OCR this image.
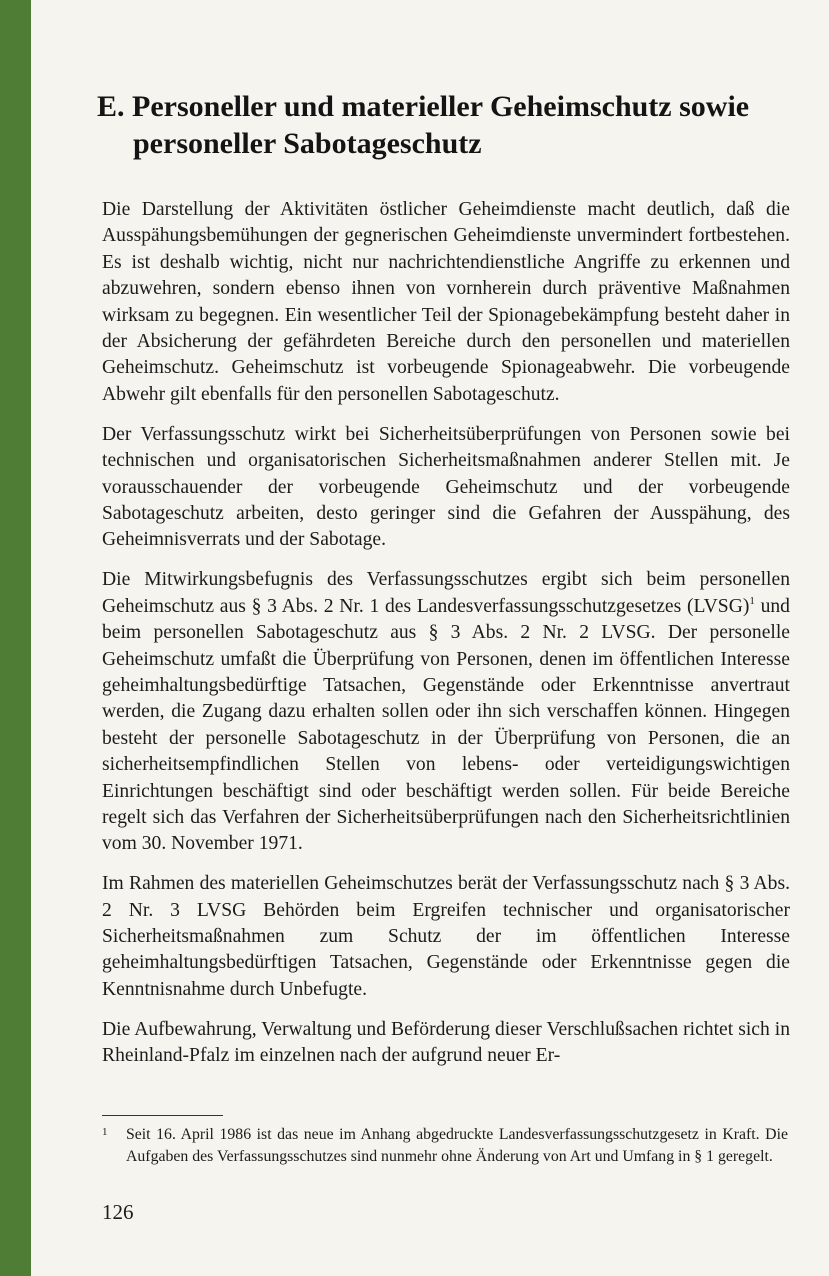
E. Personeller und materieller Geheimschutz sowie
personeller Sabotageschutz

Die Darstellung der Aktivitäten östlicher Geheimdienste macht deutlich, daß die Ausspähungsbemühungen der gegnerischen Geheimdienste unvermindert fortbestehen. Es ist deshalb wichtig, nicht nur nachrichtendienstliche Angriffe zu erkennen und abzuwehren, sondern ebenso ihnen von vornherein durch präventive Maßnahmen wirksam zu begegnen. Ein wesentlicher Teil der Spionagebekämpfung besteht daher in der Absicherung der gefährdeten Bereiche durch den personellen und materiellen Geheimschutz. Geheimschutz ist vorbeugende Spionageabwehr. Die vorbeugende Abwehr gilt ebenfalls für den personellen Sabotageschutz.

Der Verfassungsschutz wirkt bei Sicherheitsüberprüfungen von Personen sowie bei technischen und organisatorischen Sicherheitsmaßnahmen anderer Stellen mit. Je vorausschauender der vorbeugende Geheimschutz und der vorbeugende Sabotageschutz arbeiten, desto geringer sind die Gefahren der Ausspähung, des Geheimnisverrats und der Sabotage.

Die Mitwirkungsbefugnis des Verfassungsschutzes ergibt sich beim personellen Geheimschutz aus § 3 Abs. 2 Nr. 1 des Landesverfassungsschutzgesetzes (LVSG)$^1$ und beim personellen Sabotageschutz aus § 3 Abs. 2 Nr. 2 LVSG. Der personelle Geheimschutz umfaßt die Überprüfung von Personen, denen im öffentlichen Interesse geheimhaltungsbedürftige Tatsachen, Gegenstände oder Erkenntnisse anvertraut werden, die Zugang dazu erhalten sollen oder ihn sich verschaffen können. Hingegen besteht der personelle Sabotageschutz in der Überprüfung von Personen, die an sicherheitsempfindlichen Stellen von lebens- oder verteidigungswichtigen Einrichtungen beschäftigt sind oder beschäftigt werden sollen. Für beide Bereiche regelt sich das Verfahren der Sicherheitsüberprüfungen nach den Sicherheitsrichtlinien vom 30. November 1971.

Im Rahmen des materiellen Geheimschutzes berät der Verfassungsschutz nach § 3 Abs. 2 Nr. 3 LVSG Behörden beim Ergreifen technischer und organisatorischer Sicherheitsmaßnahmen zum Schutz der im öffentlichen Interesse geheimhaltungsbedürftigen Tatsachen, Gegenstände oder Erkenntnisse gegen die Kenntnisnahme durch Unbefugte.

Die Aufbewahrung, Verwaltung und Beförderung dieser Verschlußsachen richtet sich in Rheinland-Pfalz im einzelnen nach der aufgrund neuer Er-

1 Seit 16. April 1986 ist das neue im Anhang abgedruckte Landesverfassungsschutzgesetz in Kraft. Die Aufgaben des Verfassungsschutzes sind nunmehr ohne Änderung von Art und Umfang in § 1 geregelt.
126
